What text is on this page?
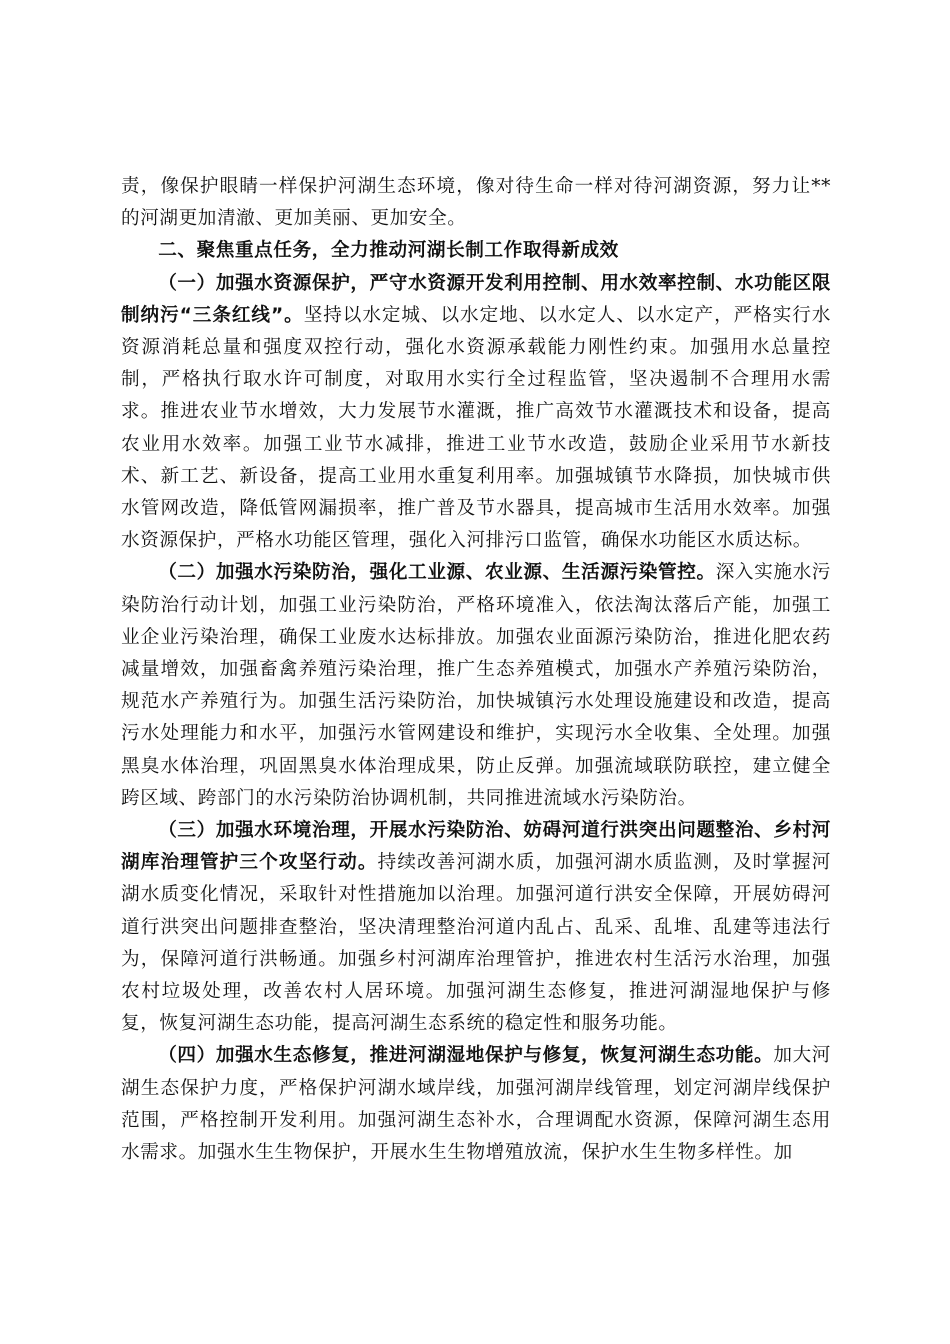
责，像保护眼睛一样保护河湖生态环境，像对待生命一样对待河湖资源，努力让**的河湖更加清澈、更加美丽、更加安全。

二、聚焦重点任务，全力推动河湖长制工作取得新成效

（一）加强水资源保护，严守水资源开发利用控制、用水效率控制、水功能区限制纳污“三条红线”。坚持以水定城、以水定地、以水定人、以水定产，严格实行水资源消耗总量和强度双控行动，强化水资源承载能力刚性约束。加强用水总量控制，严格执行取水许可制度，对取用水实行全过程监管，坚决遏制不合理用水需求。推进农业节水增效，大力发展节水灌溉，推广高效节水灌溉技术和设备，提高农业用水效率。加强工业节水减排，推进工业节水改造，鼓励企业采用节水新技术、新工艺、新设备，提高工业用水重复利用率。加强城镇节水降损，加快城市供水管网改造，降低管网漏损率，推广普及节水器具，提高城市生活用水效率。加强水资源保护，严格水功能区管理，强化入河排污口监管，确保水功能区水质达标。

（二）加强水污染防治，强化工业源、农业源、生活源污染管控。深入实施水污染防治行动计划，加强工业污染防治，严格环境准入，依法淘汰落后产能，加强工业企业污染治理，确保工业废水达标排放。加强农业面源污染防治，推进化肥农药减量增效，加强畜禽养殖污染治理，推广生态养殖模式，加强水产养殖污染防治，规范水产养殖行为。加强生活污染防治，加快城镇污水处理设施建设和改造，提高污水处理能力和水平，加强污水管网建设和维护，实现污水全收集、全处理。加强黑臭水体治理，巩固黑臭水体治理成果，防止反弹。加强流域联防联控，建立健全跨区域、跨部门的水污染防治协调机制，共同推进流域水污染防治。

（三）加强水环境治理，开展水污染防治、妨碍河道行洪突出问题整治、乡村河湖库治理管护三个攻坚行动。持续改善河湖水质，加强河湖水质监测，及时掌握河湖水质变化情况，采取针对性措施加以治理。加强河道行洪安全保障，开展妨碍河道行洪突出问题排查整治，坚决清理整治河道内乱占、乱采、乱堆、乱建等违法行为，保障河道行洪畅通。加强乡村河湖库治理管护，推进农村生活污水治理，加强农村垃圾处理，改善农村人居环境。加强河湖生态修复，推进河湖湿地保护与修复，恢复河湖生态功能，提高河湖生态系统的稳定性和服务功能。

（四）加强水生态修复，推进河湖湿地保护与修复，恢复河湖生态功能。加大河湖生态保护力度，严格保护河湖水域岸线，加强河湖岸线管理，划定河湖岸线保护范围，严格控制开发利用。加强河湖生态补水，合理调配水资源，保障河湖生态用水需求。加强水生生物保护，开展水生生物增殖放流，保护水生生物多样性。加
